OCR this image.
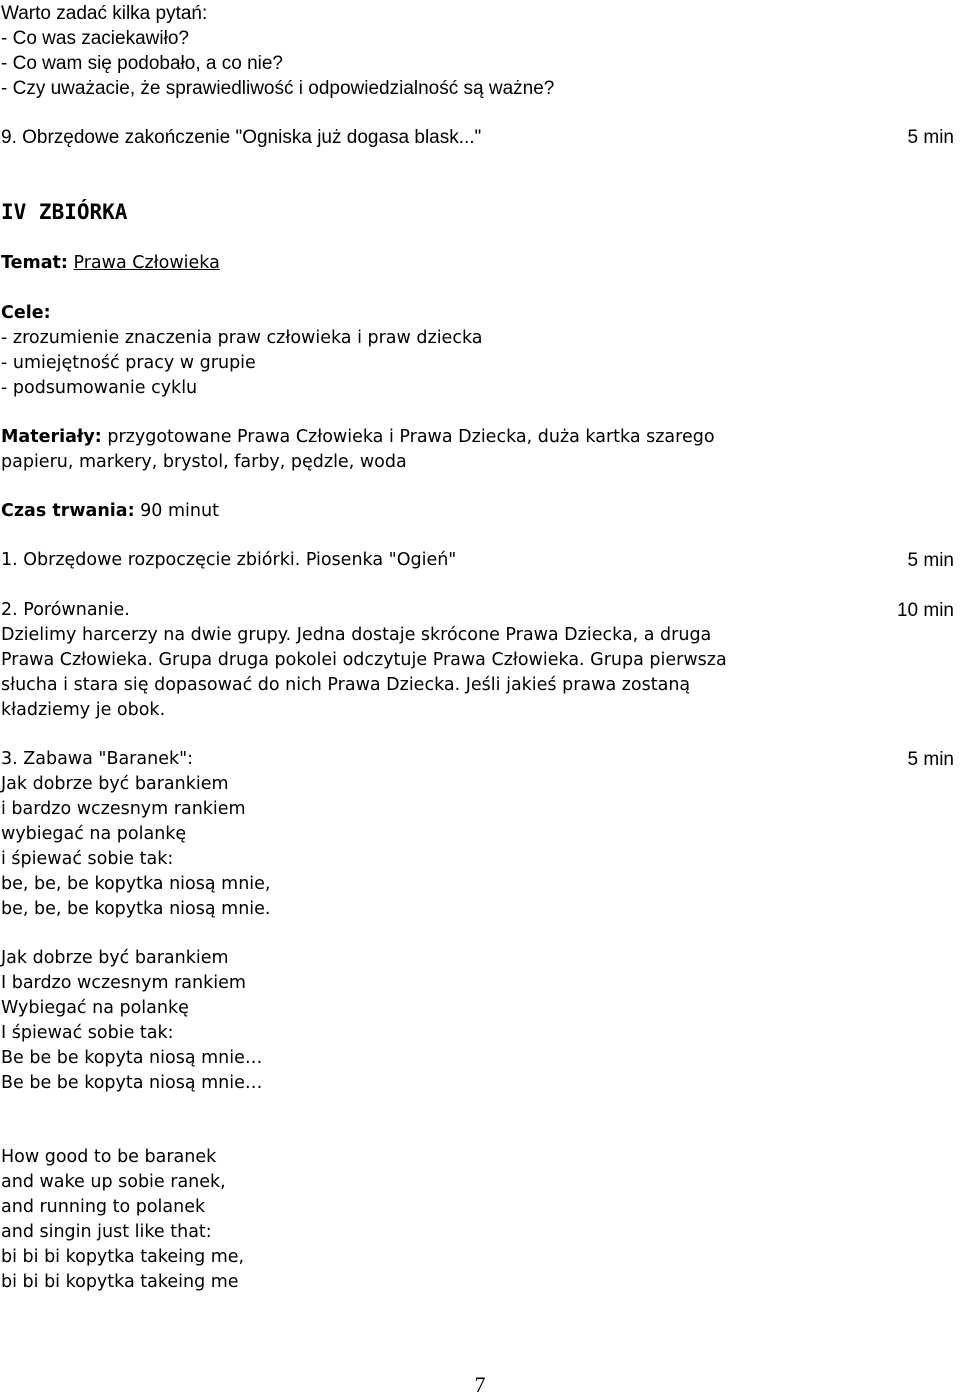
Warto zadać kilka pytań:
- Co was zaciekawiło?
- Co wam się podobało, a co nie?
- Czy uważacie, że sprawiedliwość i odpowiedzialność są ważne?
9. Obrzędowe zakończenie "Ogniska już dogasa blask..."	5 min
IV ZBIÓRKA
Temat: Prawa Człowieka
Cele:
- zrozumienie znaczenia praw człowieka i praw dziecka
- umiejętność pracy w grupie
- podsumowanie cyklu
Materiały: przygotowane Prawa Człowieka i Prawa Dziecka, duża kartka szarego
papieru, markery, brystol, farby, pędzle, woda
Czas trwania: 90 minut
1. Obrzędowe rozpoczęcie zbiórki. Piosenka "Ogień"	5 min
2. Porównanie.	10 min
Dzielimy harcerzy na dwie grupy. Jedna dostaje skrócone Prawa Dziecka, a druga
Prawa Człowieka. Grupa druga pokolei odczytuje Prawa Człowieka. Grupa pierwsza
słucha i stara się dopasować do nich Prawa Dziecka. Jeśli jakieś prawa zostaną
kładziemy je obok.
3. Zabawa "Baranek":	5 min
Jak dobrze być barankiem
i bardzo wczesnym rankiem
wybiegać na polankę
i śpiewać sobie tak:
be, be, be kopytka niosą mnie,
be, be, be kopytka niosą mnie.
Jak dobrze być barankiem
I bardzo wczesnym rankiem
Wybiegać na polankę
I śpiewać sobie tak:
Be be be kopyta niosą mnie…
Be be be kopyta niosą mnie…
How good to be baranek
and wake up sobie ranek,
and running to polanek
and singin just like that:
bi bi bi kopytka takeing me,
bi bi bi kopytka takeing me
7
